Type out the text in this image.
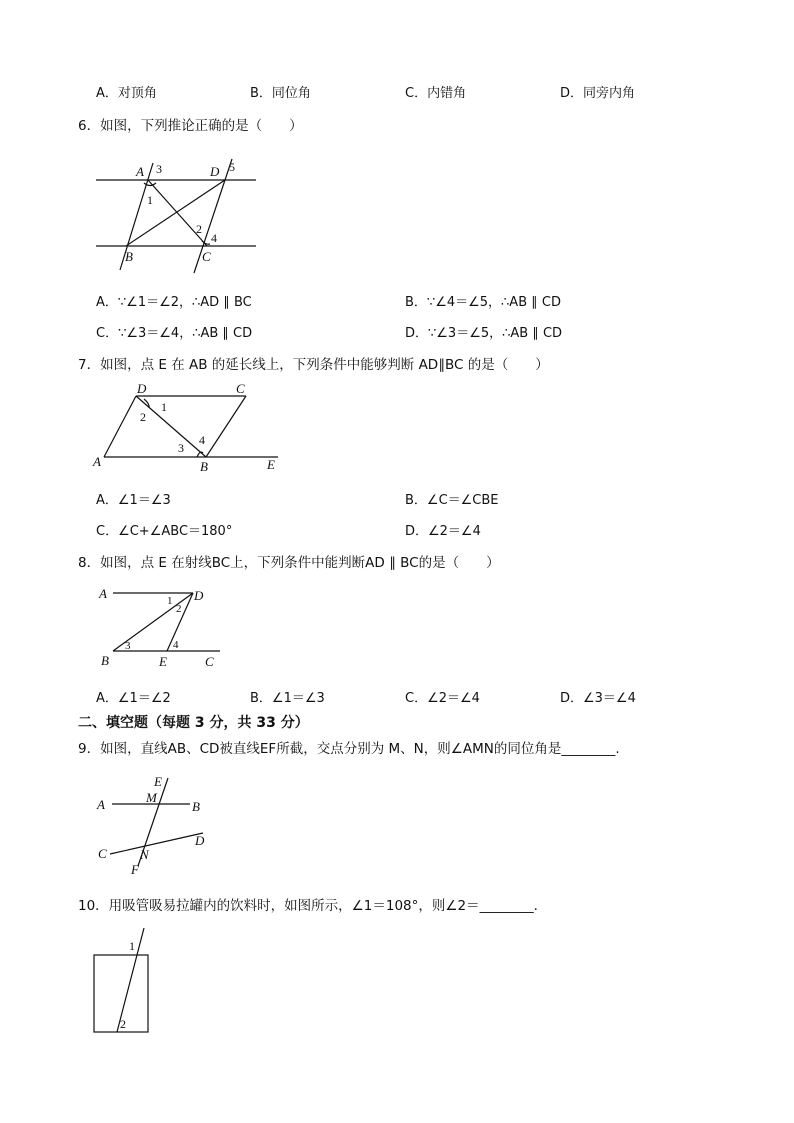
A．对顶角	B．同位角	C．内错角	D．同旁内角
6．如图，下列推论正确的是（　　）
A 3	D 5
1
2
4
B	C
A．∵∠1＝∠2，∴AD ∥ BC	B．∵∠4＝∠5，∴AB ∥ CD
C．∵∠3＝∠4，∴AB ∥ CD	D．∵∠3＝∠5，∴AB ∥ CD
7．如图，点 E 在 AB 的延长线上，下列条件中能够判断 AD∥BC 的是（　　）
D	C
2
1
3
4
A	B	E
A．∠1＝∠3	B．∠C＝∠CBE
C．∠C+∠ABC＝180°	D．∠2＝∠4
8．如图，点 E 在射线BC上，下列条件中能判断AD ∥ BC的是（　　）
A	D
1
2
3	4
B	E	C
A．∠1＝∠2	B．∠1＝∠3	C．∠2＝∠4	D．∠3＝∠4
二、填空题（每题 3 分，共 33 分）
9．如图，直线AB、CD被直线EF所截，交点分别为 M、N，则∠AMN的同位角是________.
E
M
A	B
C	N
D
F
10．用吸管吸易拉罐内的饮料时，如图所示，∠1＝108°，则∠2＝________．
1
2
